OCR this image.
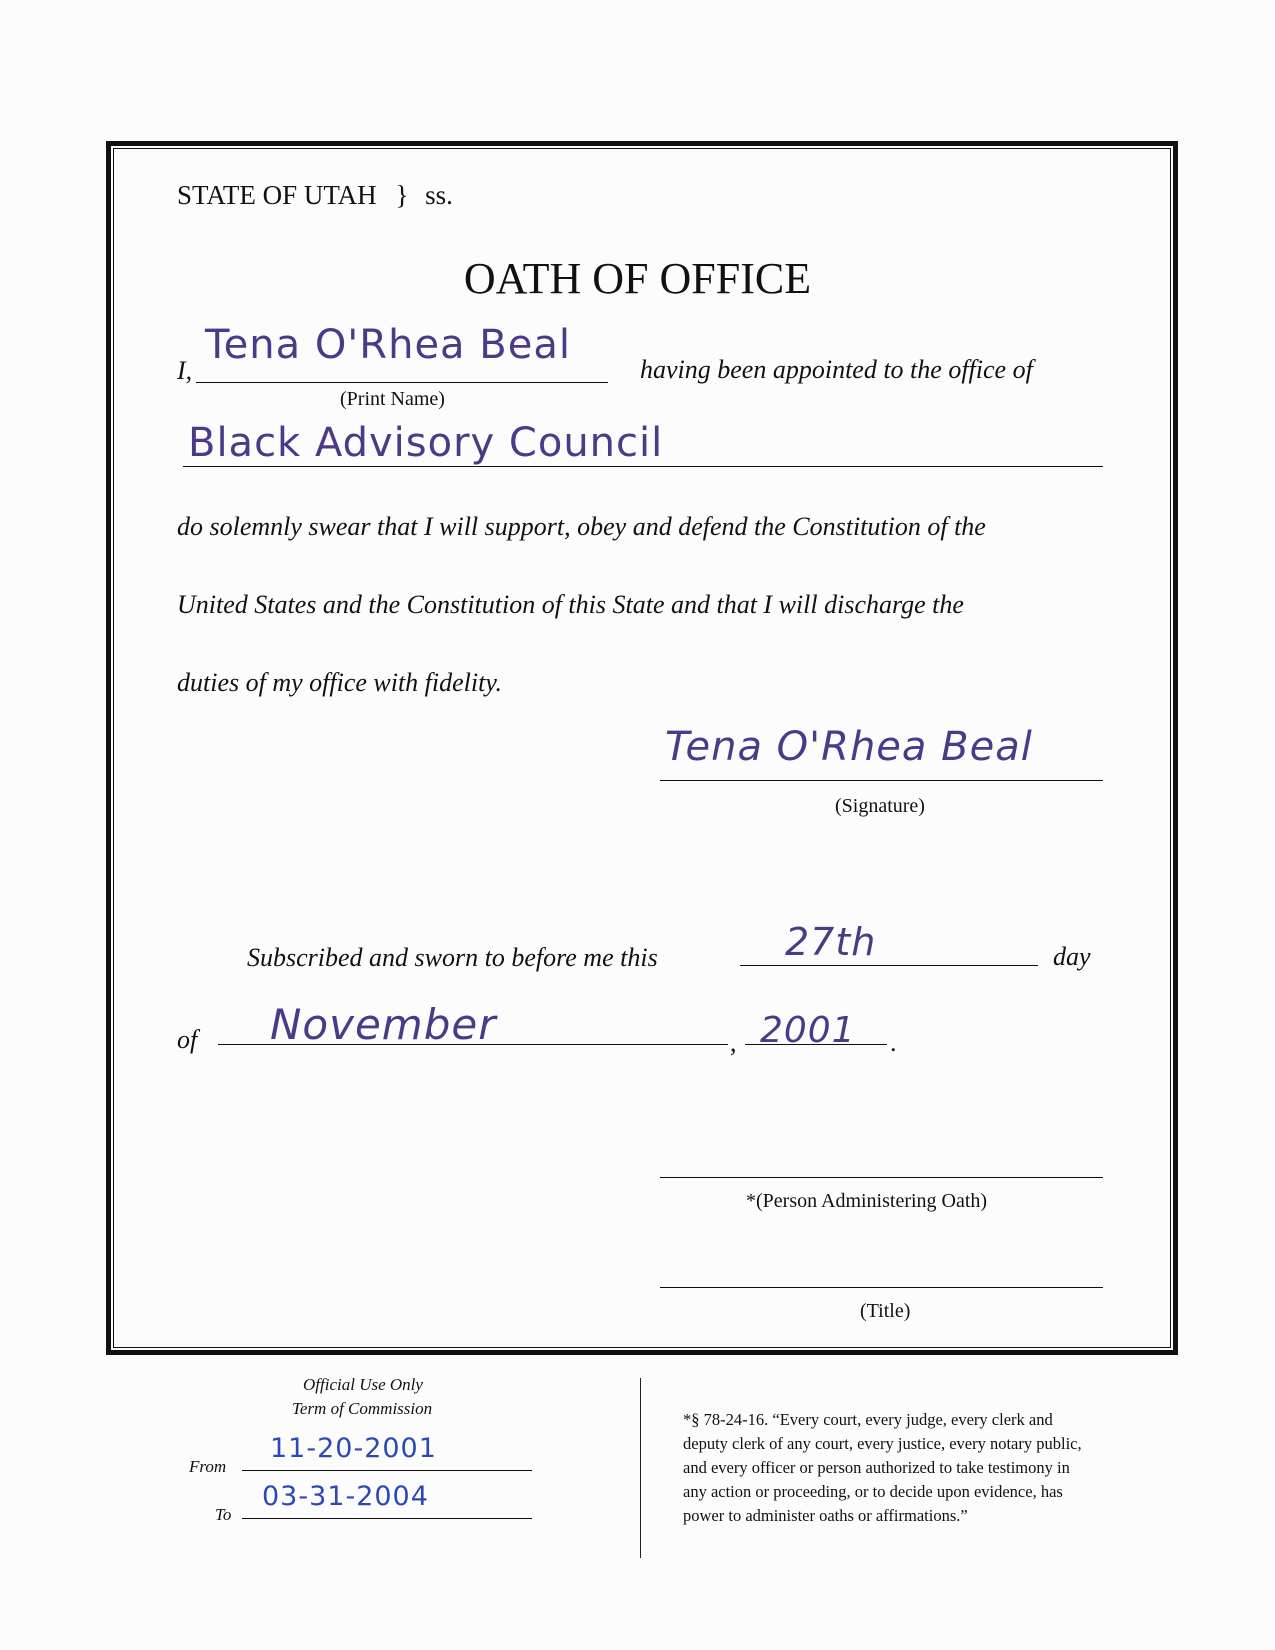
STATE OF UTAH } ss.
OATH OF OFFICE
I,
Tena O'Rhea Beal
(Print Name)
having been appointed to the office of
Black Advisory Council
do solemnly swear that I will support, obey and defend the Constitution of the
United States and the Constitution of this State and that I will discharge the
duties of my office with fidelity.
Tena O'Rhea Beal
(Signature)
Subscribed and sworn to before me this	27th	day
of November	, 2001 .
*(Person Administering Oath)
(Title)
Official Use Only
Term of Commission
From
11-20-2001
To
03-31-2004
*§ 78-24-16. “Every court, every judge, every clerk and
deputy clerk of any court, every justice, every notary public,
and every officer or person authorized to take testimony in
any action or proceeding, or to decide upon evidence, has
power to administer oaths or affirmations.”
